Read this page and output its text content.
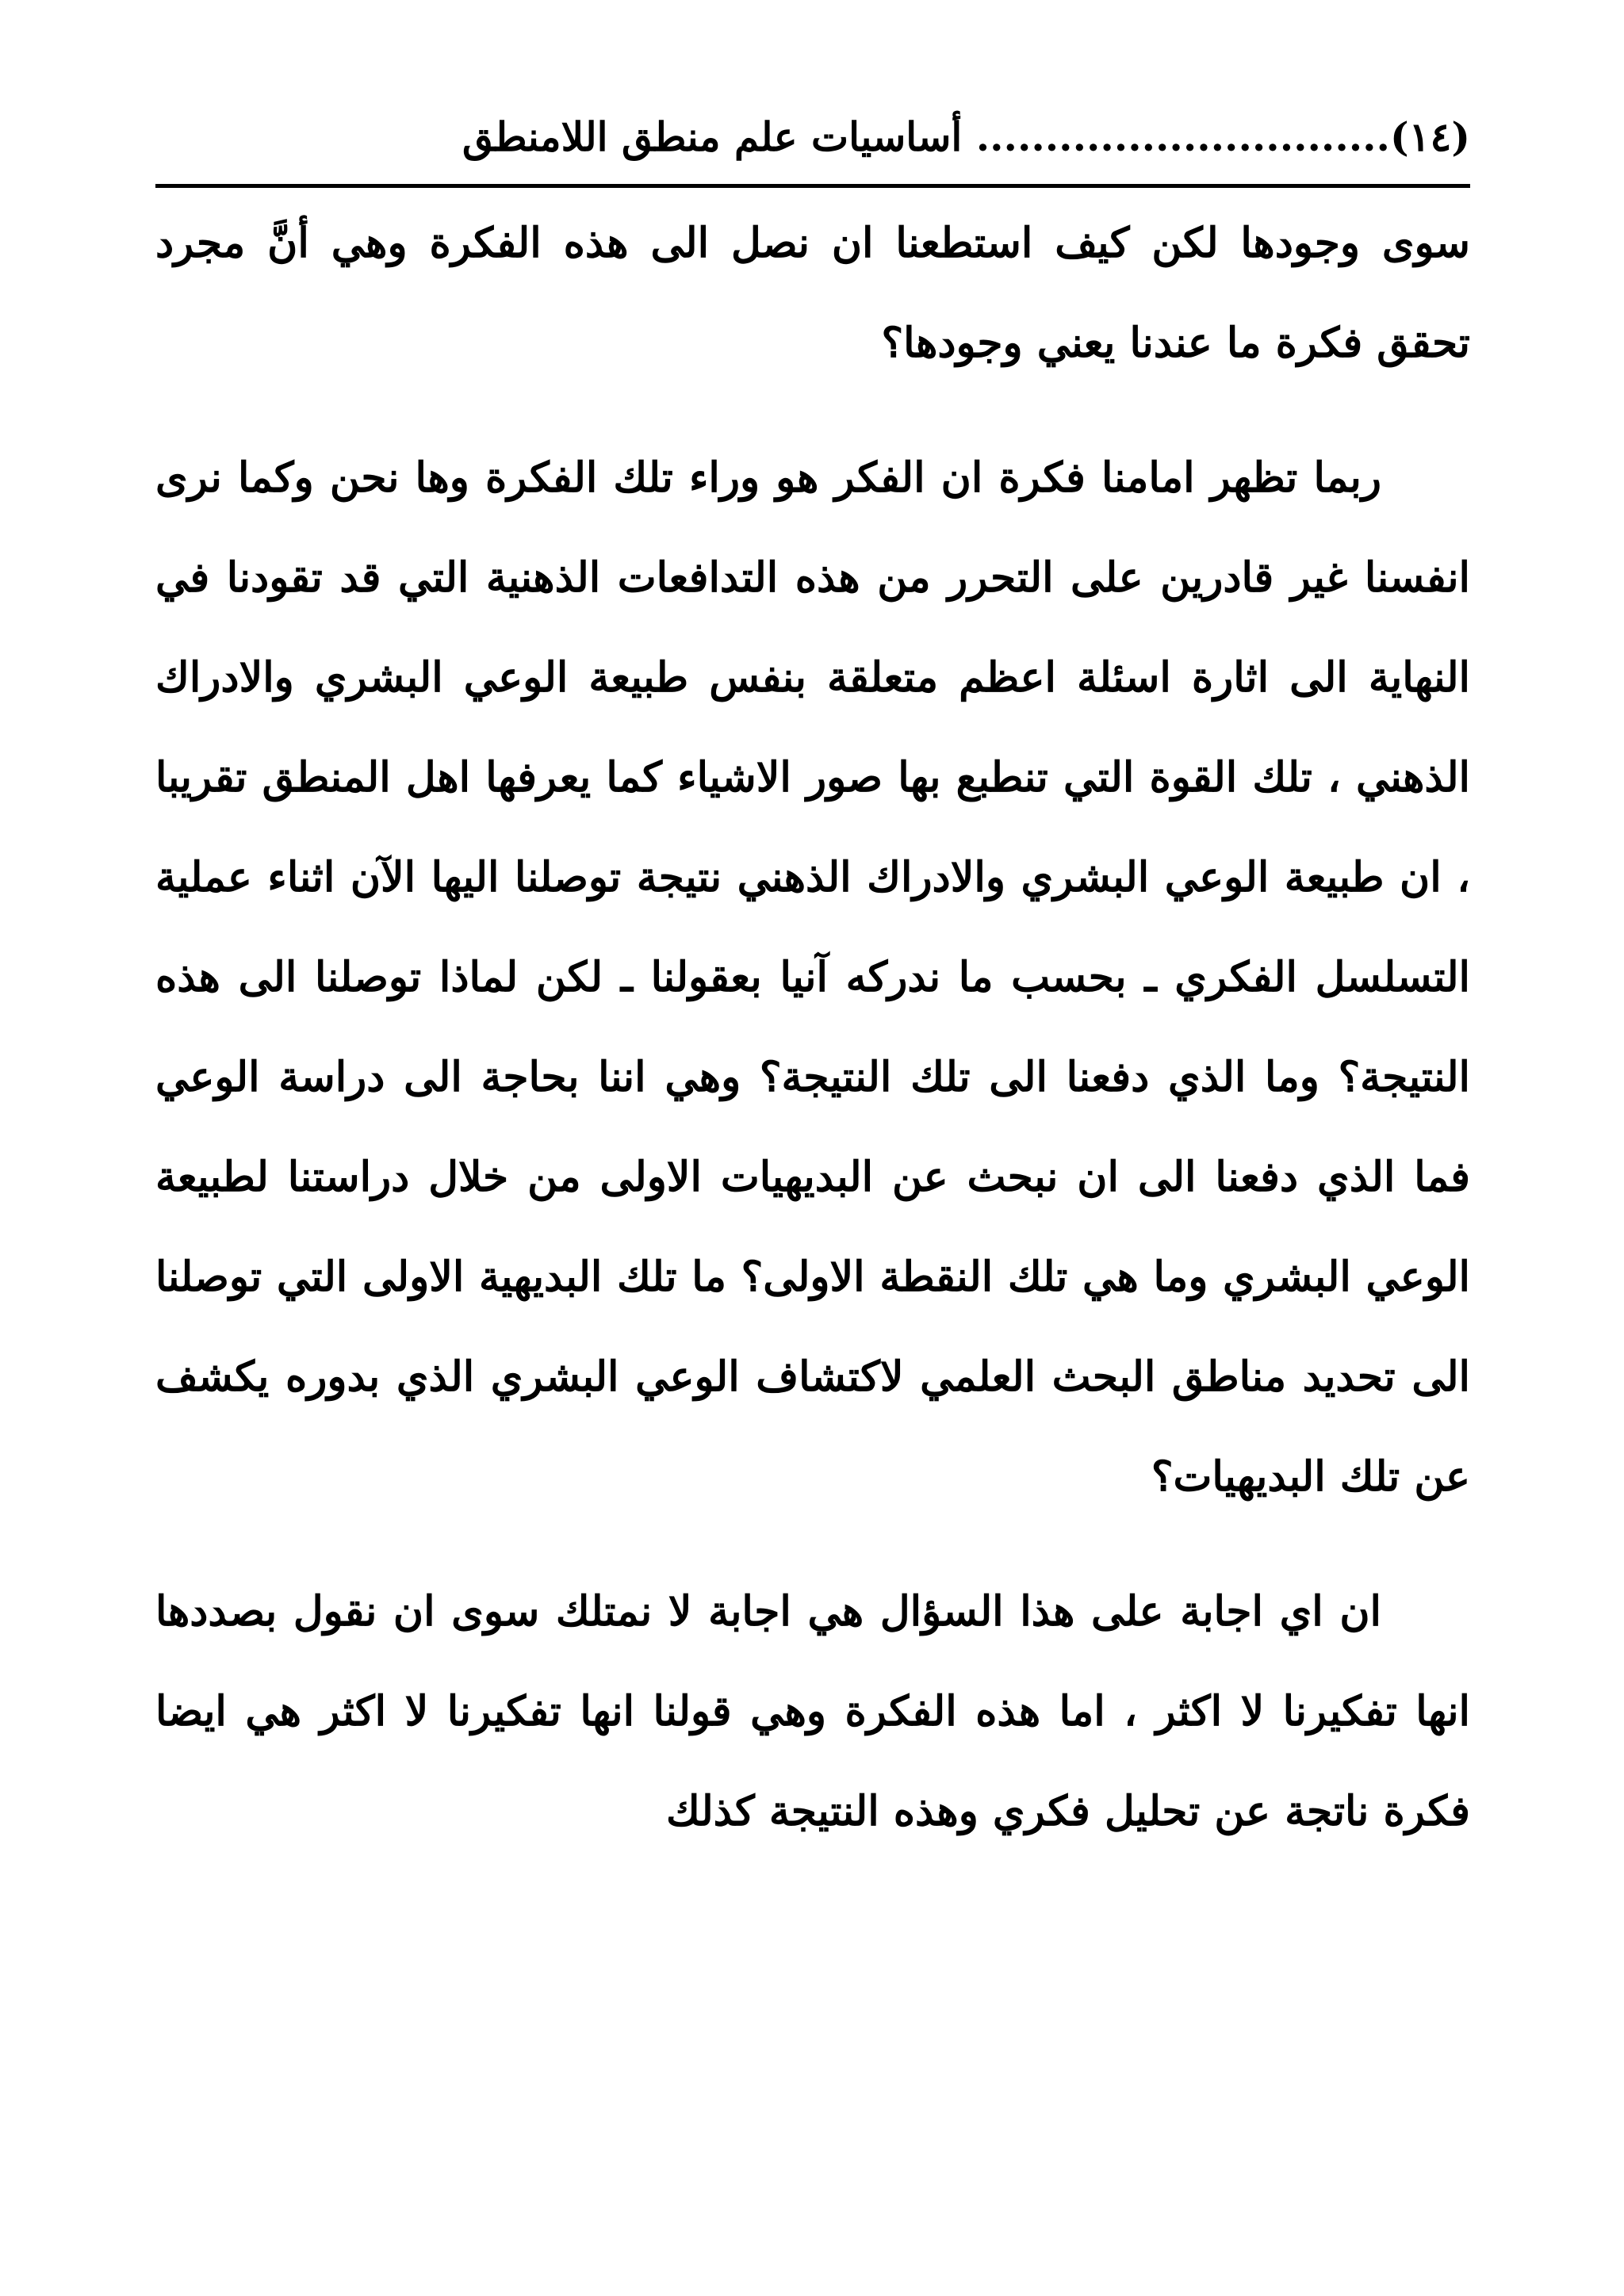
(١٤).............................. أساسيات علم منطق اللامنطق

سوى وجودها لكن كيف استطعنا ان نصل الى هذه الفكرة وهي أنَّ مجرد تحقق فكرة ما عندنا يعني وجودها؟

ربما تظهر امامنا فكرة ان الفكر هو وراء تلك الفكرة وها نحن وكما نرى انفسنا غير قادرين على التحرر من هذه التدافعات الذهنية التي قد تقودنا في النهاية الى اثارة اسئلة اعظم متعلقة بنفس طبيعة الوعي البشري والادراك الذهني ، تلك القوة التي تنطبع بها صور الاشياء كما يعرفها اهل المنطق تقريبا ، ان طبيعة الوعي البشري والادراك الذهني نتيجة توصلنا اليها الآن اثناء عملية التسلسل الفكري ـ بحسب ما ندركه آنيا بعقولنا ـ لكن لماذا توصلنا الى هذه النتيجة؟ وما الذي دفعنا الى تلك النتيجة؟ وهي اننا بحاجة الى دراسة الوعي فما الذي دفعنا الى ان نبحث عن البديهيات الاولى من خلال دراستنا لطبيعة الوعي البشري وما هي تلك النقطة الاولى؟ ما تلك البديهية الاولى التي توصلنا الى تحديد مناطق البحث العلمي لاكتشاف الوعي البشري الذي بدوره يكشف عن تلك البديهيات؟

ان اي اجابة على هذا السؤال هي اجابة لا نمتلك سوى ان نقول بصددها انها تفكيرنا لا اكثر ، اما هذه الفكرة وهي قولنا انها تفكيرنا لا اكثر هي ايضا فكرة ناتجة عن تحليل فكري وهذه النتيجة كذلك
